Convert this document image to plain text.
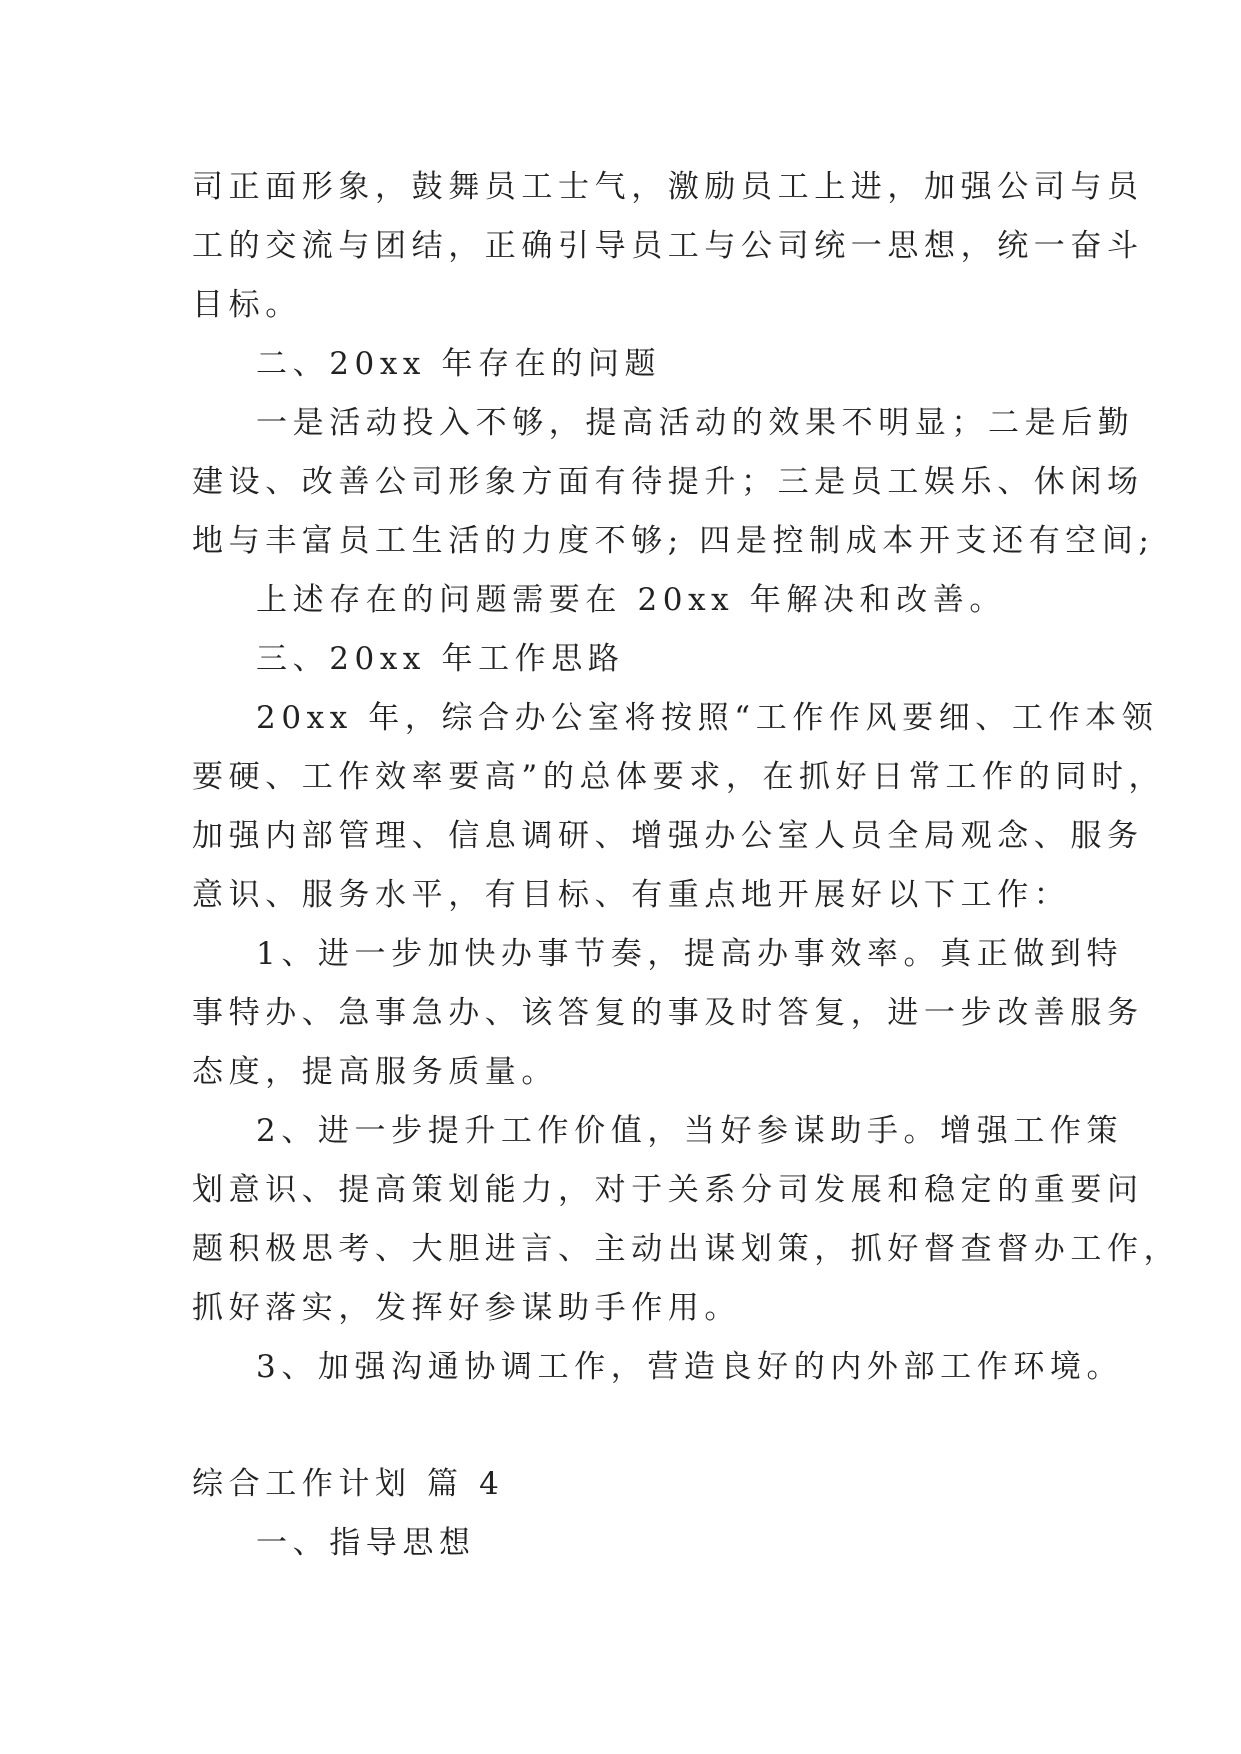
司正面形象，鼓舞员工士气，激励员工上进，加强公司与员

工的交流与团结，正确引导员工与公司统一思想，统一奋斗

目标。

二、20xx 年存在的问题

一是活动投入不够，提高活动的效果不明显；二是后勤

建设、改善公司形象方面有待提升；三是员工娱乐、休闲场

地与丰富员工生活的力度不够; 四是控制成本开支还有空间;

上述存在的问题需要在 20xx 年解决和改善。

三、20xx 年工作思路

20xx 年，综合办公室将按照“工作作风要细、工作本领

要硬、工作效率要高”的总体要求，在抓好日常工作的同时，

加强内部管理、信息调研、增强办公室人员全局观念、服务

意识、服务水平，有目标、有重点地开展好以下工作：

1、进一步加快办事节奏，提高办事效率。真正做到特

事特办、急事急办、该答复的事及时答复，进一步改善服务

态度，提高服务质量。

2、进一步提升工作价值，当好参谋助手。增强工作策

划意识、提高策划能力，对于关系分司发展和稳定的重要问

题积极思考、大胆进言、主动出谋划策，抓好督查督办工作，

抓好落实，发挥好参谋助手作用。

3、加强沟通协调工作，营造良好的内外部工作环境。

综合工作计划 篇 4

一、指导思想
